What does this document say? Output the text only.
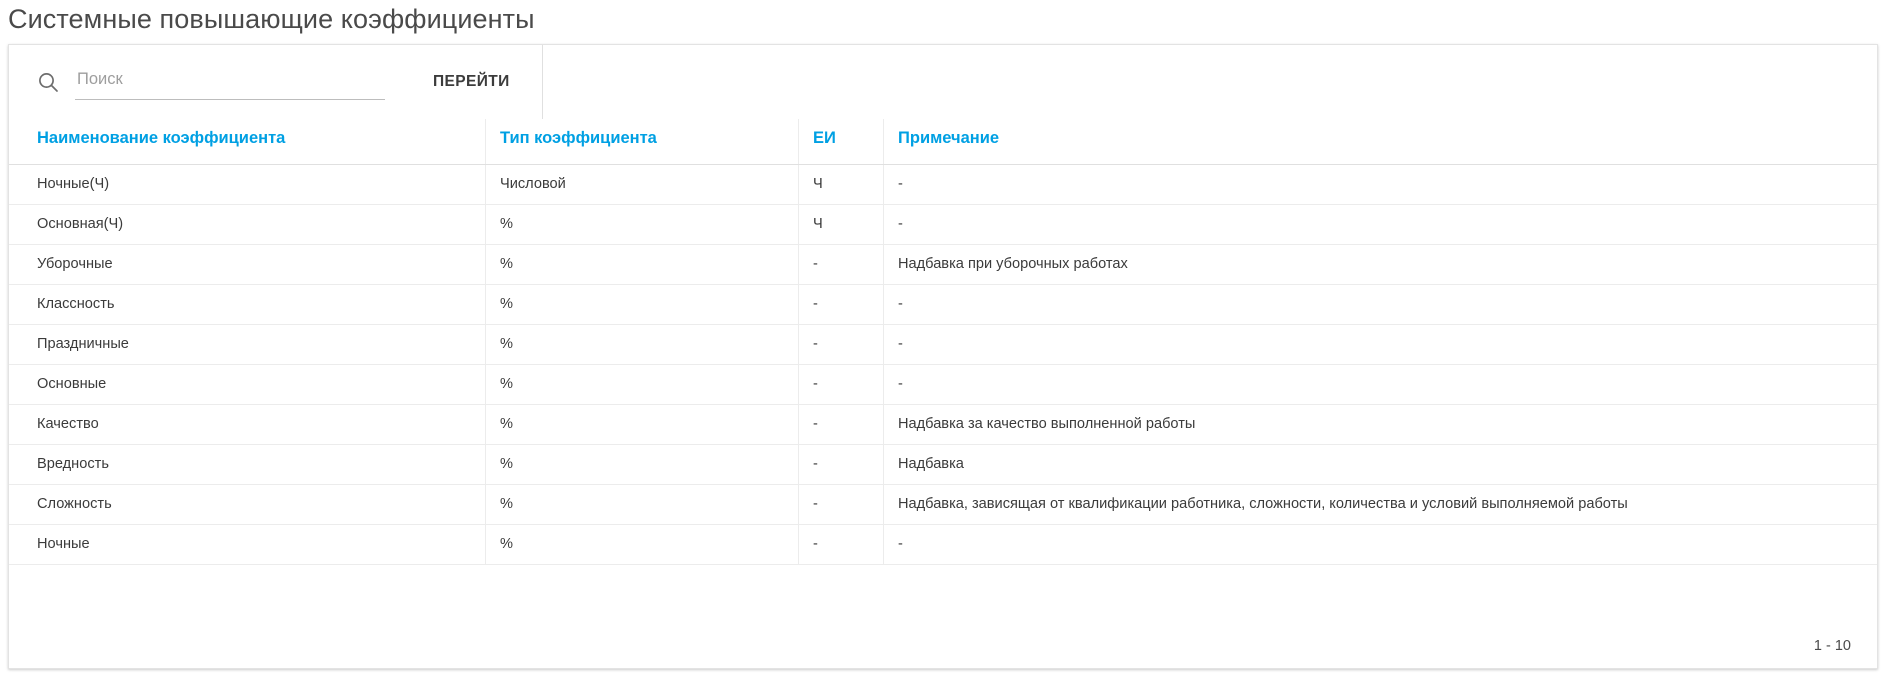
Системные повышающие коэффициенты
Поиск
ПЕРЕЙТИ
Наименование коэффициента	Тип коэффициента	ЕИ	Примечание
Ночные(Ч)	Числовой	Ч	-
Основная(Ч)	%	Ч	-
Уборочные	%	-	Надбавка при уборочных работах
Классность	%	-	-
Праздничные	%	-	-
Основные	%	-	-
Качество	%	-	Надбавка за качество выполненной работы
Вредность	%	-	Надбавка
Сложность	%	-	Надбавка, зависящая от квалификации работника, сложности, количества и условий выполняемой работы
Ночные	%	-	-
1 - 10
